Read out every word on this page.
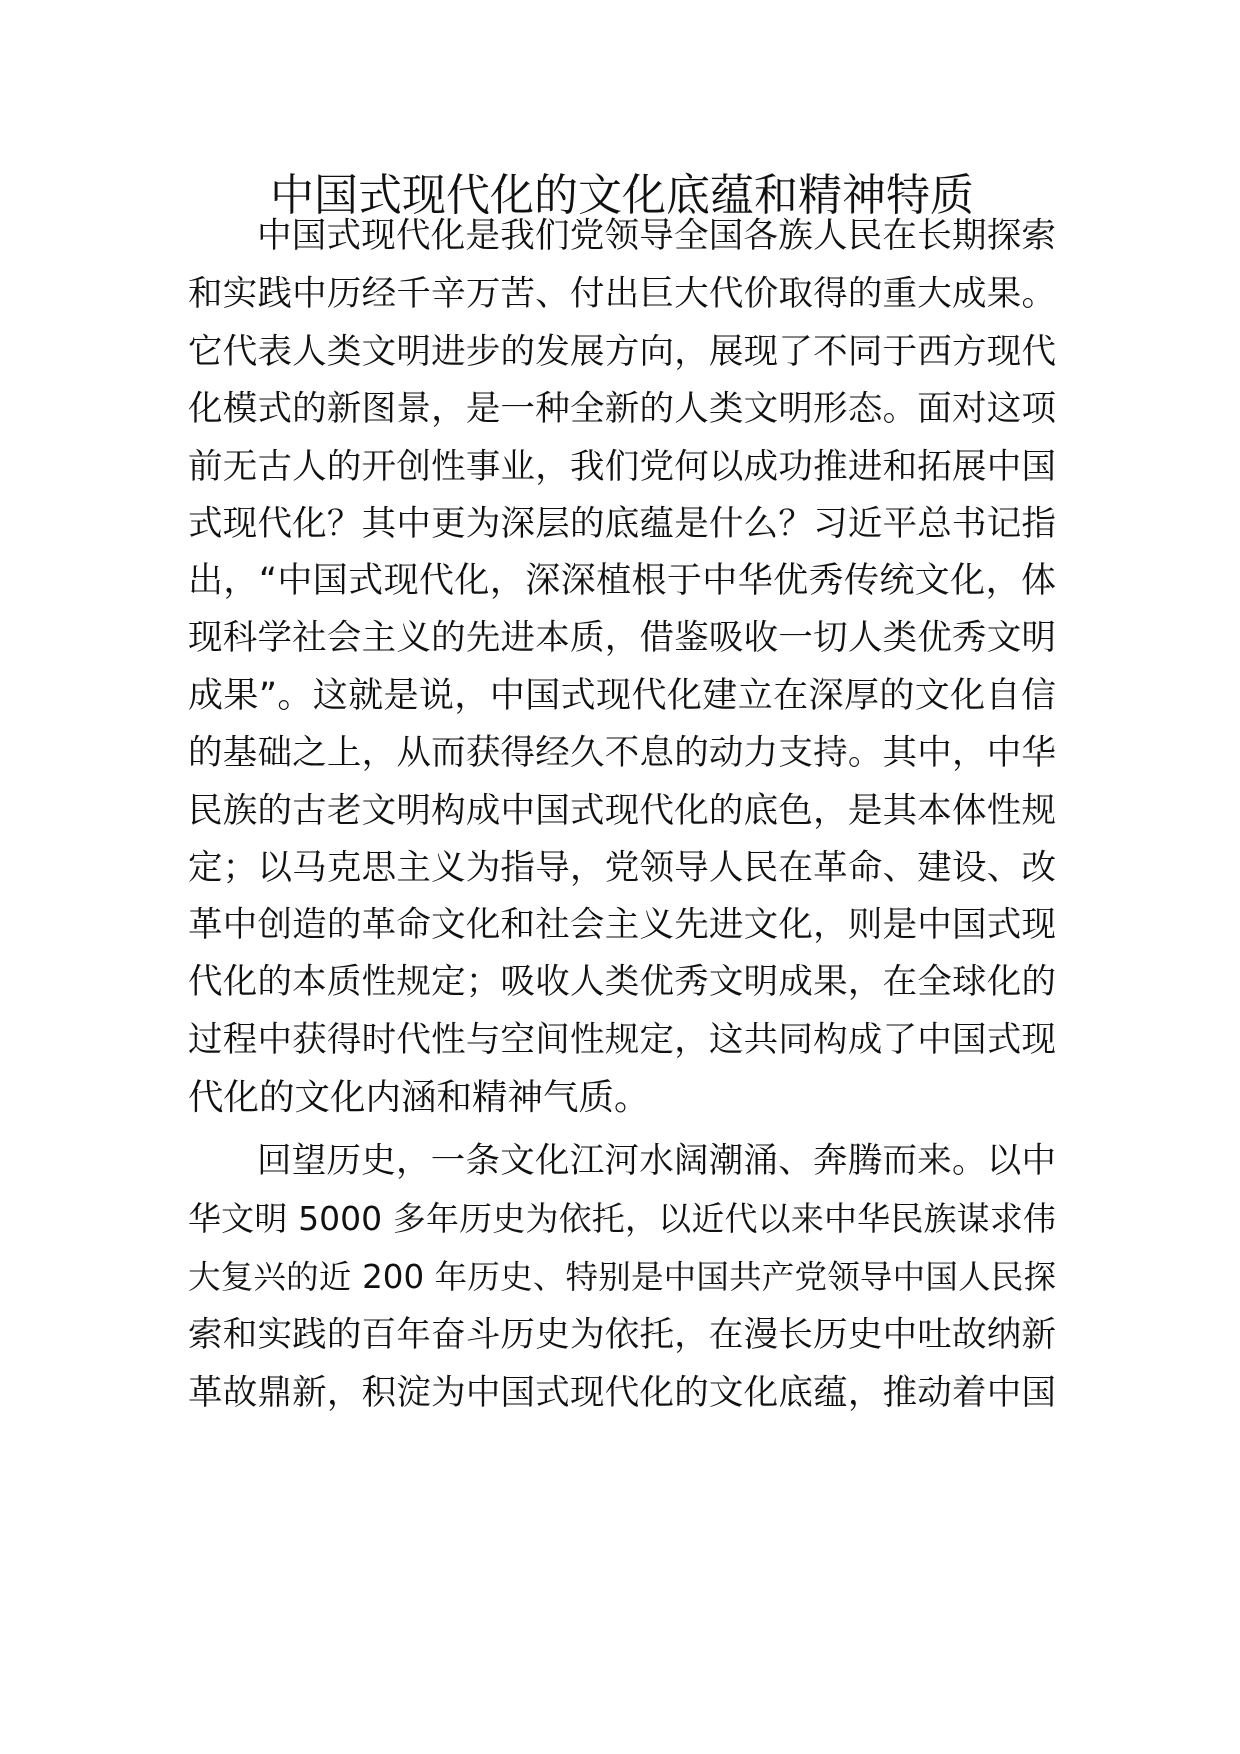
中国式现代化的文化底蕴和精神特质
中国式现代化是我们党领导全国各族人民在长期探索
和实践中历经千辛万苦、付出巨大代价取得的重大成果。
它代表人类文明进步的发展方向，展现了不同于西方现代
化模式的新图景，是一种全新的人类文明形态。面对这项
前无古人的开创性事业，我们党何以成功推进和拓展中国
式现代化？其中更为深层的底蕴是什么？习近平总书记指
出，“中国式现代化，深深植根于中华优秀传统文化，体
现科学社会主义的先进本质，借鉴吸收一切人类优秀文明
成果”。这就是说，中国式现代化建立在深厚的文化自信
的基础之上，从而获得经久不息的动力支持。其中，中华
民族的古老文明构成中国式现代化的底色，是其本体性规
定；以马克思主义为指导，党领导人民在革命、建设、改
革中创造的革命文化和社会主义先进文化，则是中国式现
代化的本质性规定；吸收人类优秀文明成果，在全球化的
过程中获得时代性与空间性规定，这共同构成了中国式现
代化的文化内涵和精神气质。
回望历史，一条文化江河水阔潮涌、奔腾而来。以中
华文明 5000 多年历史为依托，以近代以来中华民族谋求伟
大复兴的近 200 年历史、特别是中国共产党领导中国人民探
索和实践的百年奋斗历史为依托，在漫长历史中吐故纳新
革故鼎新，积淀为中国式现代化的文化底蕴，推动着中国
